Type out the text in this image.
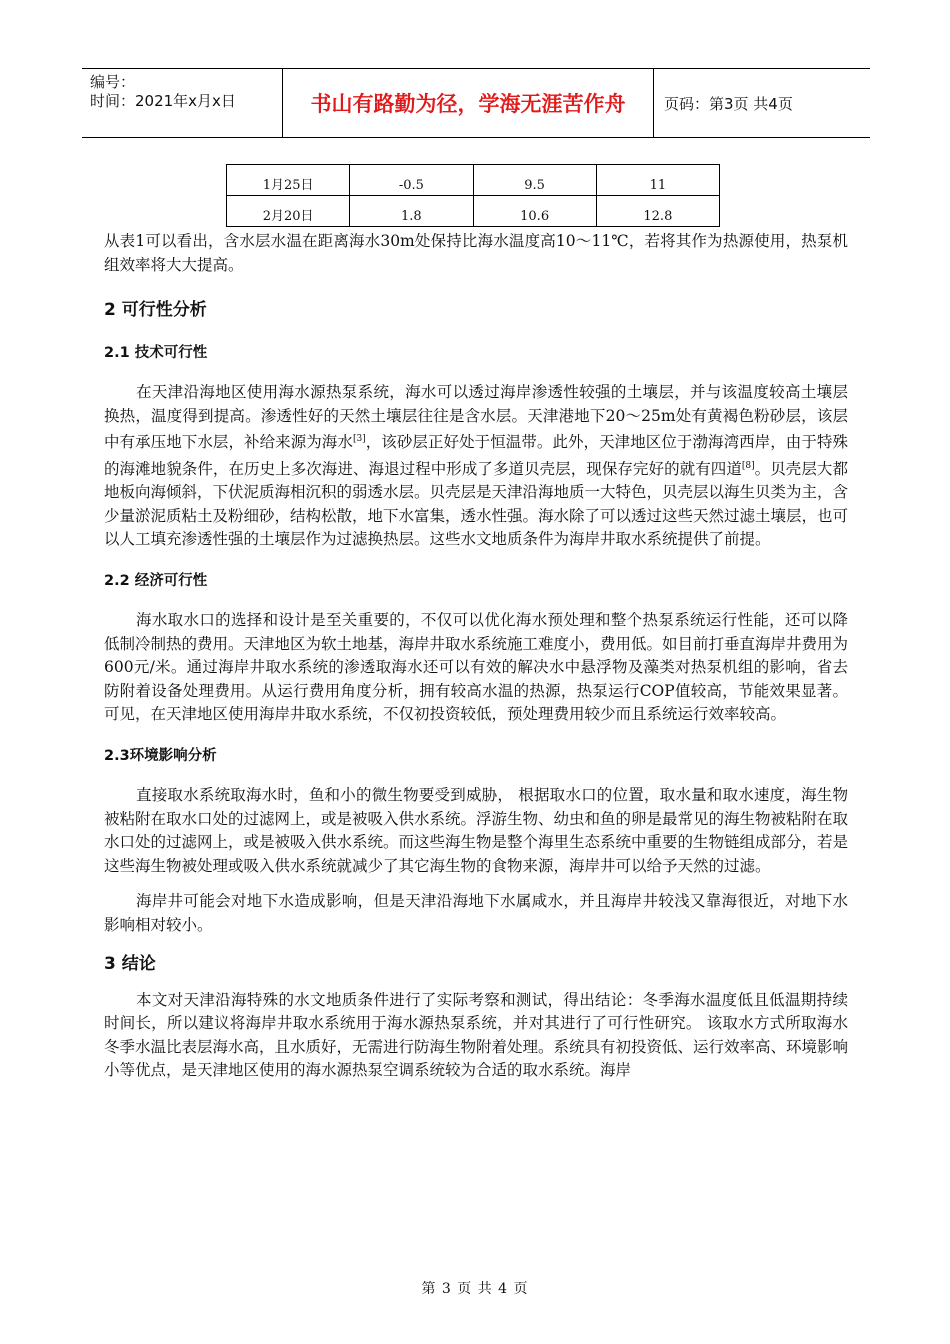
编号：
时间：2021年x月x日	书山有路勤为径，学海无涯苦作舟	页码：第3页 共4页
1月25日	-0.5	9.5	11
2月20日	1.8	10.6	12.8

从表1可以看出，含水层水温在距离海水30m处保持比海水温度高10～11℃，若将其作为热源使用，热泵机组效率将大大提高。

2 可行性分析
2.1 技术可行性

在天津沿海地区使用海水源热泵系统，海水可以透过海岸渗透性较强的土壤层，并与该温度较高土壤层换热，温度得到提高。渗透性好的天然土壤层往往是含水层。天津港地下20～25m处有黄褐色粉砂层，该层中有承压地下水层，补给来源为海水[3]，该砂层正好处于恒温带。此外，天津地区位于渤海湾西岸，由于特殊的海滩地貌条件，在历史上多次海进、海退过程中形成了多道贝壳层，现保存完好的就有四道[8]。贝壳层大都地板向海倾斜，下伏泥质海相沉积的弱透水层。贝壳层是天津沿海地质一大特色，贝壳层以海生贝类为主，含少量淤泥质粘土及粉细砂，结构松散，地下水富集，透水性强。海水除了可以透过这些天然过滤土壤层，也可以人工填充渗透性强的土壤层作为过滤换热层。这些水文地质条件为海岸井取水系统提供了前提。

2.2 经济可行性

海水取水口的选择和设计是至关重要的，不仅可以优化海水预处理和整个热泵系统运行性能，还可以降低制冷制热的费用。天津地区为软土地基，海岸井取水系统施工难度小，费用低。如目前打垂直海岸井费用为600元/米。通过海岸井取水系统的渗透取海水还可以有效的解决水中悬浮物及藻类对热泵机组的影响，省去防附着设备处理费用。从运行费用角度分析，拥有较高水温的热源，热泵运行COP值较高，节能效果显著。可见，在天津地区使用海岸井取水系统，不仅初投资较低，预处理费用较少而且系统运行效率较高。

2.3环境影响分析

直接取水系统取海水时，鱼和小的微生物要受到威胁， 根据取水口的位置，取水量和取水速度，海生物被粘附在取水口处的过滤网上，或是被吸入供水系统。浮游生物、幼虫和鱼的卵是最常见的海生物被粘附在取水口处的过滤网上，或是被吸入供水系统。而这些海生物是整个海里生态系统中重要的生物链组成部分，若是这些海生物被处理或吸入供水系统就减少了其它海生物的食物来源，海岸井可以给予天然的过滤。

海岸井可能会对地下水造成影响，但是天津沿海地下水属咸水，并且海岸井较浅又靠海很近，对地下水影响相对较小。

3 结论

本文对天津沿海特殊的水文地质条件进行了实际考察和测试，得出结论：冬季海水温度低且低温期持续时间长，所以建议将海岸井取水系统用于海水源热泵系统，并对其进行了可行性研究。 该取水方式所取海水冬季水温比表层海水高，且水质好，无需进行防海生物附着处理。系统具有初投资低、运行效率高、环境影响小等优点，是天津地区使用的海水源热泵空调系统较为合适的取水系统。海岸

第 3 页 共 4 页
